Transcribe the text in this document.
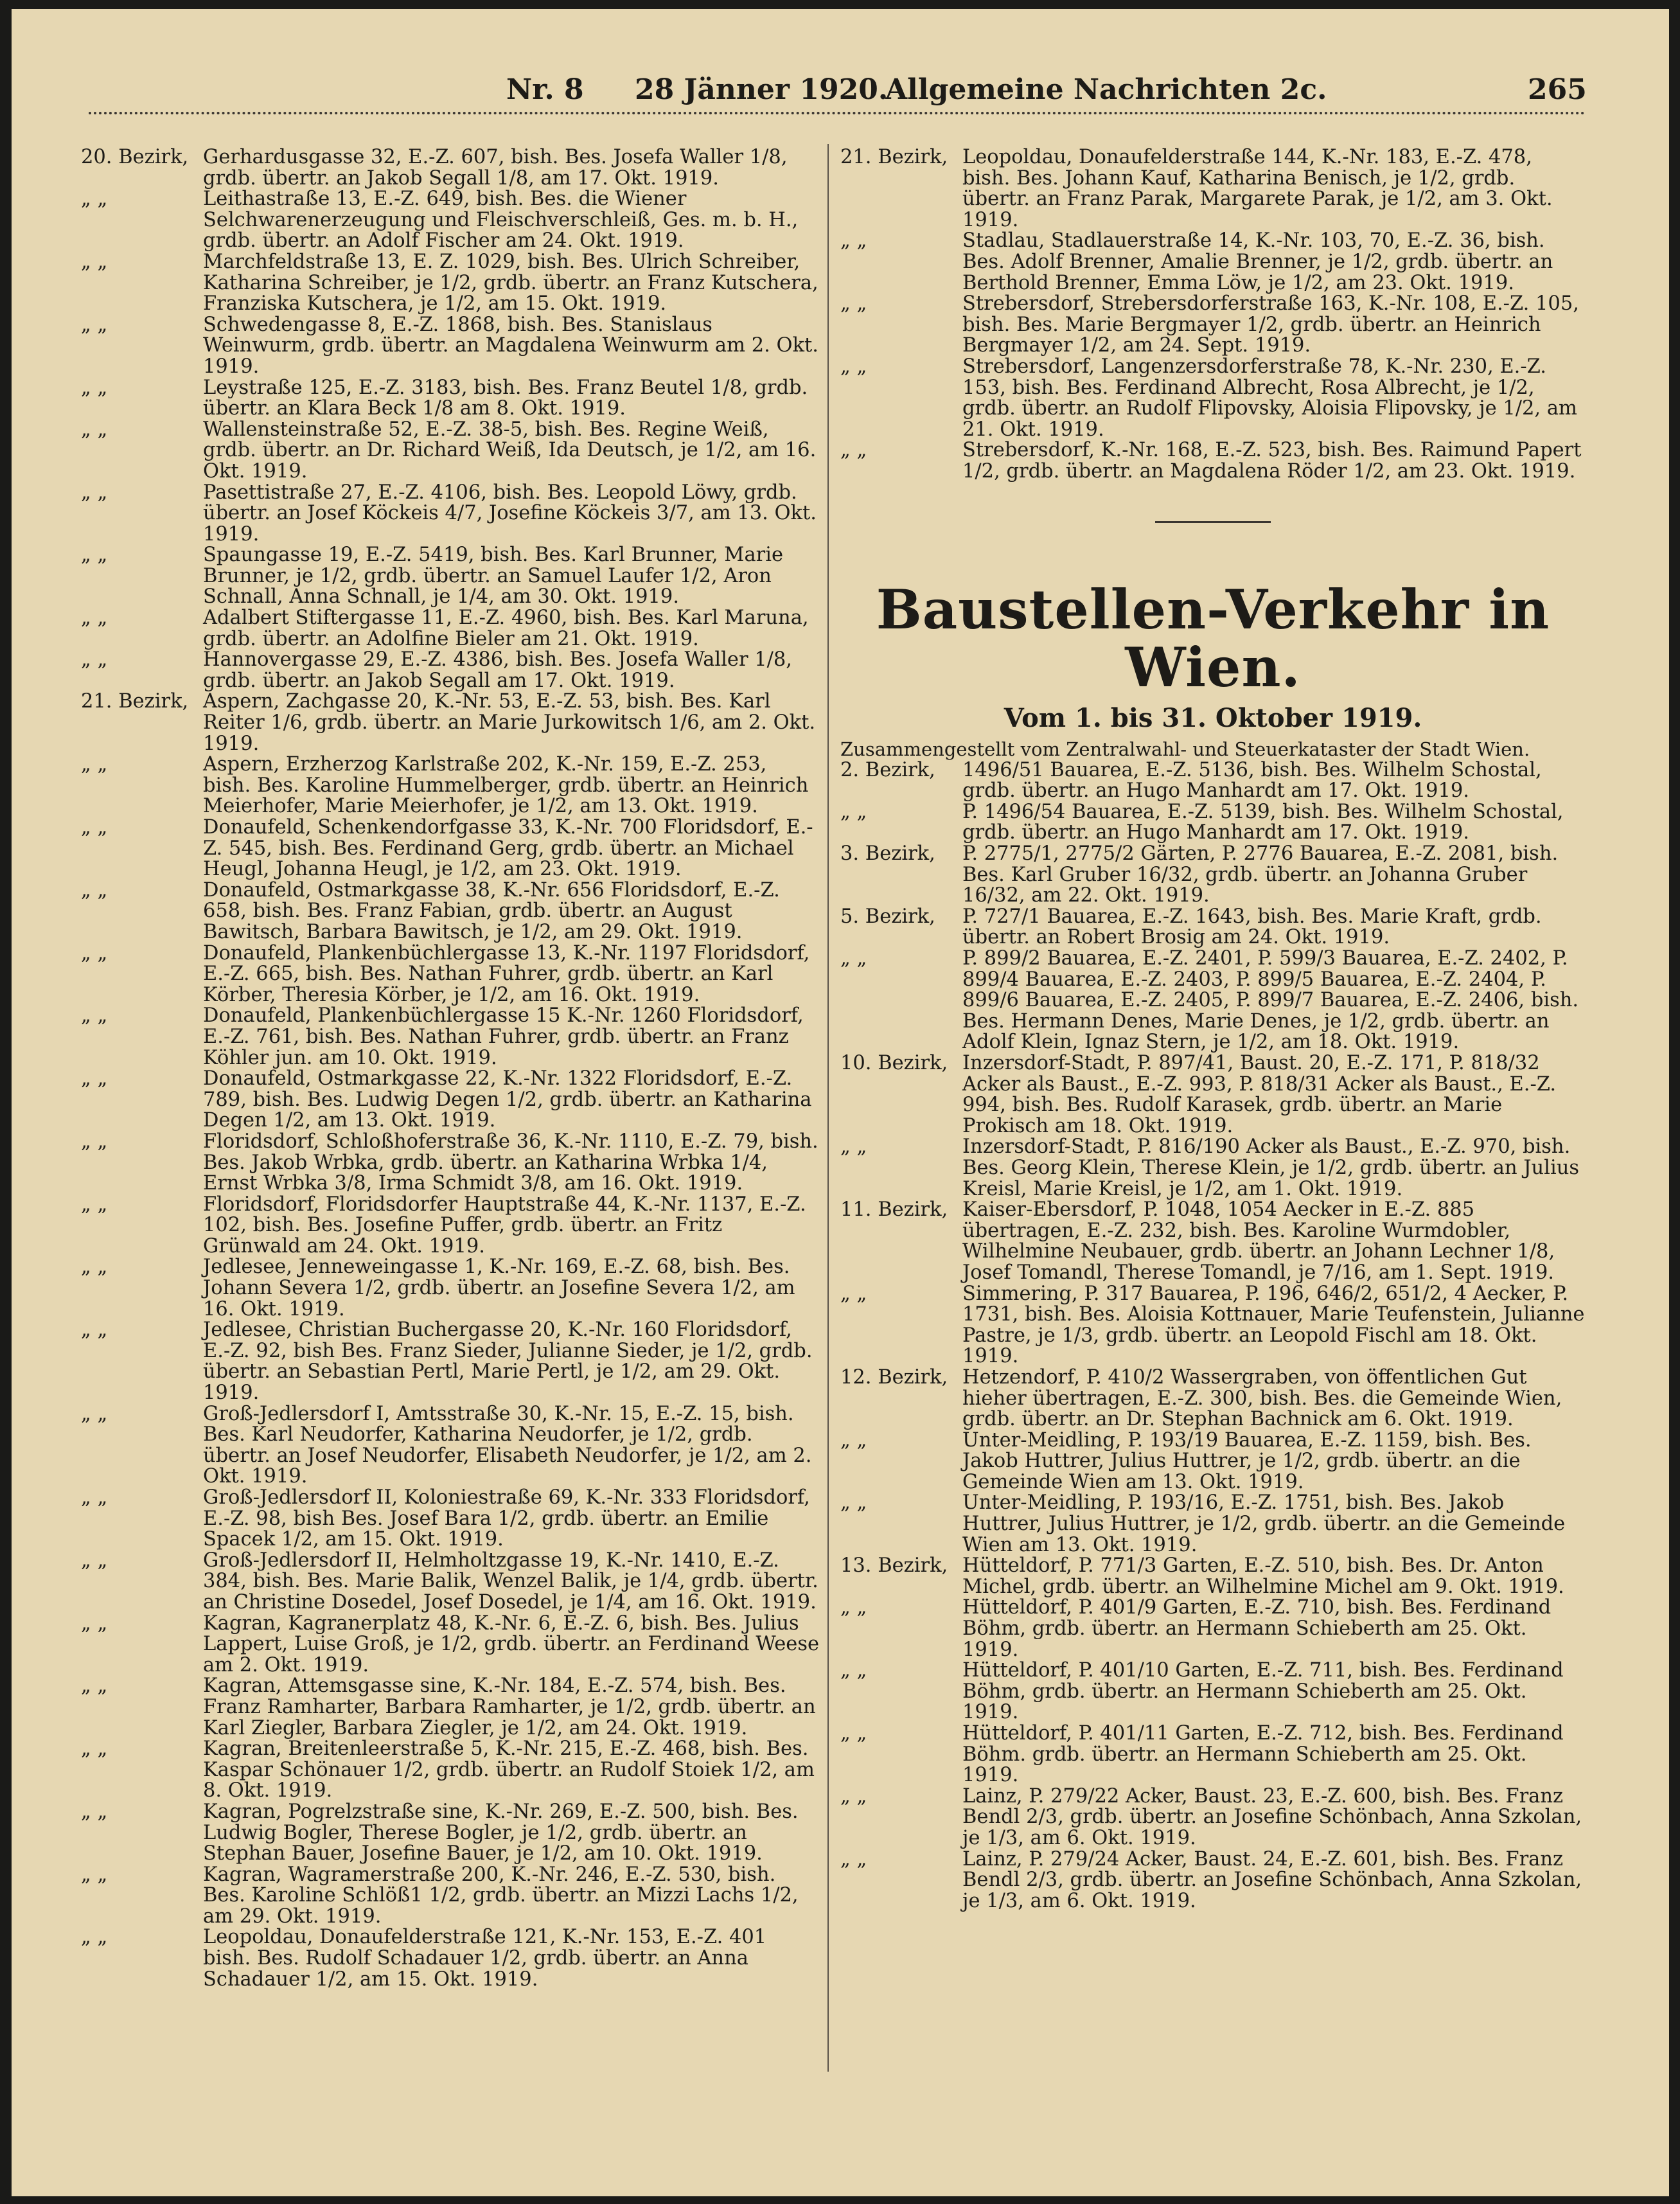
Nr. 8 28 Jänner 1920.
Allgemeine Nachrichten 2c.	265

20. Bezirk, Gerhardusgasse 32, E.-Z. 607, bish. Bes. Josefa Waller 1/8, grdb. übertr. an Jakob Segall 1/8, am 17. Okt. 1919.

„ „	Leithastraße 13, E.-Z. 649, bish. Bes. die Wiener Selchwarenerzeugung und Fleischverschleiß, Ges. m. b. H., grdb. übertr. an Adolf Fischer am 24. Okt. 1919.

„ „	Marchfeldstraße 13, E. Z. 1029, bish. Bes. Ulrich Schreiber, Katharina Schreiber, je 1/2, grdb. übertr. an Franz Kutschera, Franziska Kutschera, je 1/2, am 15. Okt. 1919.

„ „	Schwedengasse 8, E.-Z. 1868, bish. Bes. Stanislaus Weinwurm, grdb. übertr. an Magdalena Weinwurm am 2. Okt. 1919.

„ „	Leystraße 125, E.-Z. 3183, bish. Bes. Franz Beutel 1/8, grdb. übertr. an Klara Beck 1/8 am 8. Okt. 1919.

„ „	Wallensteinstraße 52, E.-Z. 38-5, bish. Bes. Regine Weiß, grdb. übertr. an Dr. Richard Weiß, Ida Deutsch, je 1/2, am 16. Okt. 1919.

„ „	Pasettistraße 27, E.-Z. 4106, bish. Bes. Leopold Löwy, grdb. übertr. an Josef Köckeis 4/7, Josefine Köckeis 3/7, am 13. Okt. 1919.

„ „	Spaungasse 19, E.-Z. 5419, bish. Bes. Karl Brunner, Marie Brunner, je 1/2, grdb. übertr. an Samuel Laufer 1/2, Aron Schnall, Anna Schnall, je 1/4, am 30. Okt. 1919.

„ „	Adalbert Stiftergasse 11, E.-Z. 4960, bish. Bes. Karl Maruna, grdb. übertr. an Adolfine Bieler am 21. Okt. 1919.

„ „	Hannovergasse 29, E.-Z. 4386, bish. Bes. Josefa Waller 1/8, grdb. übertr. an Jakob Segall am 17. Okt. 1919.

21. Bezirk, Aspern, Zachgasse 20, K.-Nr. 53, E.-Z. 53, bish. Bes. Karl Reiter 1/6, grdb. übertr. an Marie Jurkowitsch 1/6, am 2. Okt. 1919.

„ „	Aspern, Erzherzog Karlstraße 202, K.-Nr. 159, E.-Z. 253, bish. Bes. Karoline Hummelberger, grdb. übertr. an Heinrich Meierhofer, Marie Meierhofer, je 1/2, am 13. Okt. 1919.

„ „	Donaufeld, Schenkendorfgasse 33, K.-Nr. 700 Floridsdorf, E.-Z. 545, bish. Bes. Ferdinand Gerg, grdb. übertr. an Michael Heugl, Johanna Heugl, je 1/2, am 23. Okt. 1919.

„ „	Donaufeld, Ostmarkgasse 38, K.-Nr. 656 Floridsdorf, E.-Z. 658, bish. Bes. Franz Fabian, grdb. übertr. an August Bawitsch, Barbara Bawitsch, je 1/2, am 29. Okt. 1919.

„ „	Donaufeld, Plankenbüchlergasse 13, K.-Nr. 1197 Floridsdorf, E.-Z. 665, bish. Bes. Nathan Fuhrer, grdb. übertr. an Karl Körber, Theresia Körber, je 1/2, am 16. Okt. 1919.

„ „	Donaufeld, Plankenbüchlergasse 15 K.-Nr. 1260 Floridsdorf, E.-Z. 761, bish. Bes. Nathan Fuhrer, grdb. übertr. an Franz Köhler jun. am 10. Okt. 1919.

„ „	Donaufeld, Ostmarkgasse 22, K.-Nr. 1322 Floridsdorf, E.-Z. 789, bish. Bes. Ludwig Degen 1/2, grdb. übertr. an Katharina Degen 1/2, am 13. Okt. 1919.

„ „	Floridsdorf, Schloßhoferstraße 36, K.-Nr. 1110, E.-Z. 79, bish. Bes. Jakob Wrbka, grdb. übertr. an Katharina Wrbka 1/4, Ernst Wrbka 3/8, Irma Schmidt 3/8, am 16. Okt. 1919.

„ „	Floridsdorf, Floridsdorfer Hauptstraße 44, K.-Nr. 1137, E.-Z. 102, bish. Bes. Josefine Puffer, grdb. übertr. an Fritz Grünwald am 24. Okt. 1919.

„ „	Jedlesee, Jenneweingasse 1, K.-Nr. 169, E.-Z. 68, bish. Bes. Johann Severa 1/2, grdb. übertr. an Josefine Severa 1/2, am 16. Okt. 1919.

„ „	Jedlesee, Christian Buchergasse 20, K.-Nr. 160 Floridsdorf, E.-Z. 92, bish Bes. Franz Sieder, Julianne Sieder, je 1/2, grdb. übertr. an Sebastian Pertl, Marie Pertl, je 1/2, am 29. Okt. 1919.

„ „	Groß-Jedlersdorf I, Amtsstraße 30, K.-Nr. 15, E.-Z. 15, bish. Bes. Karl Neudorfer, Katharina Neudorfer, je 1/2, grdb. übertr. an Josef Neudorfer, Elisabeth Neudorfer, je 1/2, am 2. Okt. 1919.

„ „	Groß-Jedlersdorf II, Koloniestraße 69, K.-Nr. 333 Floridsdorf, E.-Z. 98, bish Bes. Josef Bara 1/2, grdb. übertr. an Emilie Spacek 1/2, am 15. Okt. 1919.

„ „	Groß-Jedlersdorf II, Helmholtzgasse 19, K.-Nr. 1410, E.-Z. 384, bish. Bes. Marie Balik, Wenzel Balik, je 1/4, grdb. übertr. an Christine Dosedel, Josef Dosedel, je 1/4, am 16. Okt. 1919.

„ „	Kagran, Kagranerplatz 48, K.-Nr. 6, E.-Z. 6, bish. Bes. Julius Lappert, Luise Groß, je 1/2, grdb. übertr. an Ferdinand Weese am 2. Okt. 1919.

„ „	Kagran, Attemsgasse sine, K.-Nr. 184, E.-Z. 574, bish. Bes. Franz Ramharter, Barbara Ramharter, je 1/2, grdb. übertr. an Karl Ziegler, Barbara Ziegler, je 1/2, am 24. Okt. 1919.

„ „	Kagran, Breitenleerstraße 5, K.-Nr. 215, E.-Z. 468, bish. Bes. Kaspar Schönauer 1/2, grdb. übertr. an Rudolf Stoiek 1/2, am 8. Okt. 1919.

„ „	Kagran, Pogrelzstraße sine, K.-Nr. 269, E.-Z. 500, bish. Bes. Ludwig Bogler, Therese Bogler, je 1/2, grdb. übertr. an Stephan Bauer, Josefine Bauer, je 1/2, am 10. Okt. 1919.

„ „	Kagran, Wagramerstraße 200, K.-Nr. 246, E.-Z. 530, bish. Bes. Karoline Schlöß1 1/2, grdb. übertr. an Mizzi Lachs 1/2, am 29. Okt. 1919.

„ „	Leopoldau, Donaufelderstraße 121, K.-Nr. 153, E.-Z. 401 bish. Bes. Rudolf Schadauer 1/2, grdb. übertr. an Anna Schadauer 1/2, am 15. Okt. 1919.

21. Bezirk, Leopoldau, Donaufelderstraße 144, K.-Nr. 183, E.-Z. 478, bish. Bes. Johann Kauf, Katharina Benisch, je 1/2, grdb. übertr. an Franz Parak, Margarete Parak, je 1/2, am 3. Okt. 1919.

„ „	Stadlau, Stadlauerstraße 14, K.-Nr. 103, 70, E.-Z. 36, bish. Bes. Adolf Brenner, Amalie Brenner, je 1/2, grdb. übertr. an Berthold Brenner, Emma Löw, je 1/2, am 23. Okt. 1919.

„ „	Strebersdorf, Strebersdorferstraße 163, K.-Nr. 108, E.-Z. 105, bish. Bes. Marie Bergmayer 1/2, grdb. übertr. an Heinrich Bergmayer 1/2, am 24. Sept. 1919.

„ „	Strebersdorf, Langenzersdorferstraße 78, K.-Nr. 230, E.-Z. 153, bish. Bes. Ferdinand Albrecht, Rosa Albrecht, je 1/2, grdb. übertr. an Rudolf Flipovsky, Aloisia Flipovsky, je 1/2, am 21. Okt. 1919.

„ „	Strebersdorf, K.-Nr. 168, E.-Z. 523, bish. Bes. Raimund Papert 1/2, grdb. übertr. an Magdalena Röder 1/2, am 23. Okt. 1919.

Baustellen-Verkehr in Wien.
Vom 1. bis 31. Oktober 1919.
Zusammengestellt vom Zentralwahl- und Steuerkataster der Stadt Wien.

2. Bezirk,	1496/51 Bauarea, E.-Z. 5136, bish. Bes. Wilhelm Schostal, grdb. übertr. an Hugo Manhardt am 17. Okt. 1919.

„ „	P. 1496/54 Bauarea, E.-Z. 5139, bish. Bes. Wilhelm Schostal, grdb. übertr. an Hugo Manhardt am 17. Okt. 1919.

3. Bezirk,	P. 2775/1, 2775/2 Gärten, P. 2776 Bauarea, E.-Z. 2081, bish. Bes. Karl Gruber 16/32, grdb. übertr. an Johanna Gruber 16/32, am 22. Okt. 1919.

5. Bezirk,	P. 727/1 Bauarea, E.-Z. 1643, bish. Bes. Marie Kraft, grdb. übertr. an Robert Brosig am 24. Okt. 1919.

„ „	P. 899/2 Bauarea, E.-Z. 2401, P. 599/3 Bauarea, E.-Z. 2402, P. 899/4 Bauarea, E.-Z. 2403, P. 899/5 Bauarea, E.-Z. 2404, P. 899/6 Bauarea, E.-Z. 2405, P. 899/7 Bauarea, E.-Z. 2406, bish. Bes. Hermann Denes, Marie Denes, je 1/2, grdb. übertr. an Adolf Klein, Ignaz Stern, je 1/2, am 18. Okt. 1919.

10. Bezirk, Inzersdorf-Stadt, P. 897/41, Baust. 20, E.-Z. 171, P. 818/32 Acker als Baust., E.-Z. 993, P. 818/31 Acker als Baust., E.-Z. 994, bish. Bes. Rudolf Karasek, grdb. übertr. an Marie Prokisch am 18. Okt. 1919.

„ „	Inzersdorf-Stadt, P. 816/190 Acker als Baust., E.-Z. 970, bish. Bes. Georg Klein, Therese Klein, je 1/2, grdb. übertr. an Julius Kreisl, Marie Kreisl, je 1/2, am 1. Okt. 1919.

11. Bezirk, Kaiser-Ebersdorf, P. 1048, 1054 Aecker in E.-Z. 885 übertragen, E.-Z. 232, bish. Bes. Karoline Wurmdobler, Wilhelmine Neubauer, grdb. übertr. an Johann Lechner 1/8, Josef Tomandl, Therese Tomandl, je 7/16, am 1. Sept. 1919.

„ „	Simmering, P. 317 Bauarea, P. 196, 646/2, 651/2, 4 Aecker, P. 1731, bish. Bes. Aloisia Kottnauer, Marie Teufenstein, Julianne Pastre, je 1/3, grdb. übertr. an Leopold Fischl am 18. Okt. 1919.

12. Bezirk, Hetzendorf, P. 410/2 Wassergraben, von öffentlichen Gut hieher übertragen, E.-Z. 300, bish. Bes. die Gemeinde Wien, grdb. übertr. an Dr. Stephan Bachnick am 6. Okt. 1919.

„ „	Unter-Meidling, P. 193/19 Bauarea, E.-Z. 1159, bish. Bes. Jakob Huttrer, Julius Huttrer, je 1/2, grdb. übertr. an die Gemeinde Wien am 13. Okt. 1919.

„ „	Unter-Meidling, P. 193/16, E.-Z. 1751, bish. Bes. Jakob Huttrer, Julius Huttrer, je 1/2, grdb. übertr. an die Gemeinde Wien am 13. Okt. 1919.

13. Bezirk, Hütteldorf, P. 771/3 Garten, E.-Z. 510, bish. Bes. Dr. Anton Michel, grdb. übertr. an Wilhelmine Michel am 9. Okt. 1919.

„ „	Hütteldorf, P. 401/9 Garten, E.-Z. 710, bish. Bes. Ferdinand Böhm, grdb. übertr. an Hermann Schieberth am 25. Okt. 1919.

„ „	Hütteldorf, P. 401/10 Garten, E.-Z. 711, bish. Bes. Ferdinand Böhm, grdb. übertr. an Hermann Schieberth am 25. Okt. 1919.

„ „	Hütteldorf, P. 401/11 Garten, E.-Z. 712, bish. Bes. Ferdinand Böhm. grdb. übertr. an Hermann Schieberth am 25. Okt. 1919.

„ „	Lainz, P. 279/22 Acker, Baust. 23, E.-Z. 600, bish. Bes. Franz Bendl 2/3, grdb. übertr. an Josefine Schönbach, Anna Szkolan, je 1/3, am 6. Okt. 1919.

„ „	Lainz, P. 279/24 Acker, Baust. 24, E.-Z. 601, bish. Bes. Franz Bendl 2/3, grdb. übertr. an Josefine Schönbach, Anna Szkolan, je 1/3, am 6. Okt. 1919.
